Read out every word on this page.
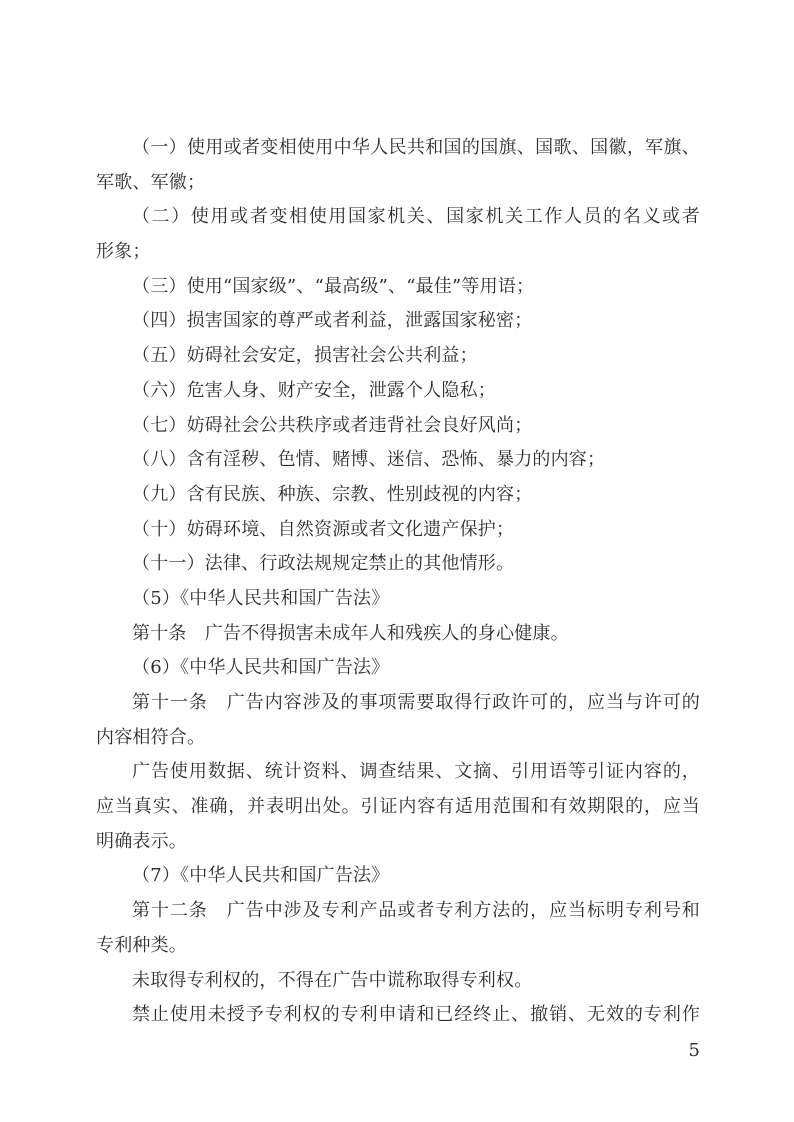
（一）使用或者变相使用中华人民共和国的国旗、国歌、国徽，军旗、
军歌、军徽；
（二）使用或者变相使用国家机关、国家机关工作人员的名义或者
形象；
（三）使用“国家级”、“最高级”、“最佳”等用语；
（四）损害国家的尊严或者利益，泄露国家秘密；
（五）妨碍社会安定，损害社会公共利益；
（六）危害人身、财产安全，泄露个人隐私；
（七）妨碍社会公共秩序或者违背社会良好风尚；
（八）含有淫秽、色情、赌博、迷信、恐怖、暴力的内容；
（九）含有民族、种族、宗教、性别歧视的内容；
（十）妨碍环境、自然资源或者文化遗产保护；
（十一）法律、行政法规规定禁止的其他情形。
（5）《中华人民共和国广告法》
第十条　广告不得损害未成年人和残疾人的身心健康。
（6）《中华人民共和国广告法》
第十一条　广告内容涉及的事项需要取得行政许可的，应当与许可的
内容相符合。
广告使用数据、统计资料、调查结果、文摘、引用语等引证内容的，
应当真实、准确，并表明出处。引证内容有适用范围和有效期限的，应当
明确表示。
（7）《中华人民共和国广告法》
第十二条　广告中涉及专利产品或者专利方法的，应当标明专利号和
专利种类。
未取得专利权的，不得在广告中谎称取得专利权。
禁止使用未授予专利权的专利申请和已经终止、撤销、无效的专利作
5
